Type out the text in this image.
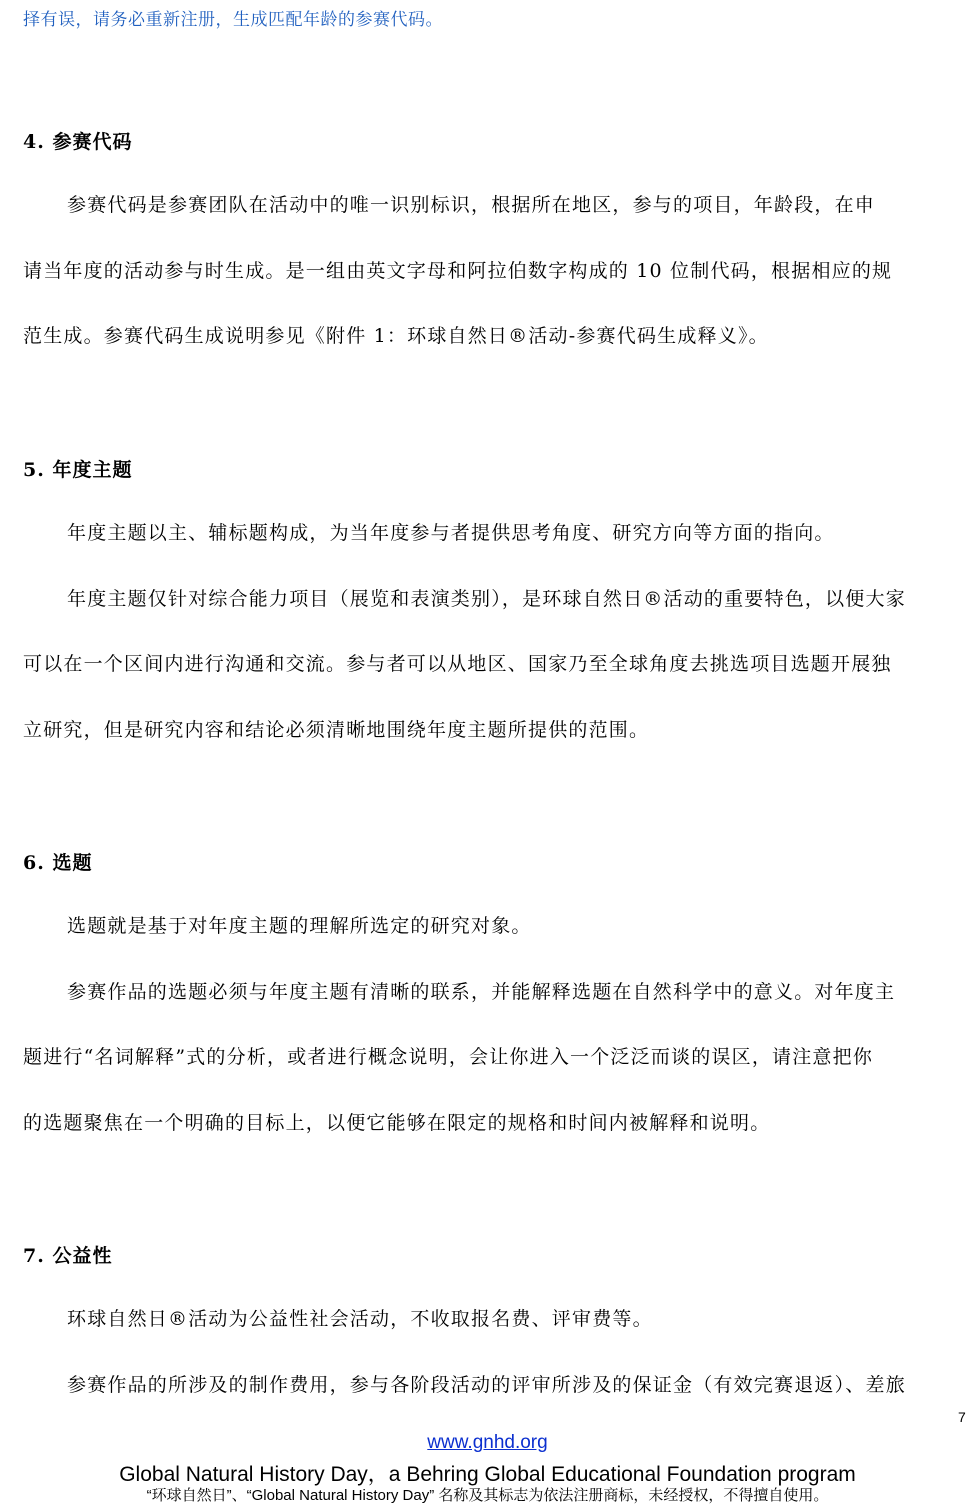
择有误，请务必重新注册，生成匹配年龄的参赛代码。
4. 参赛代码
参赛代码是参赛团队在活动中的唯一识别标识，根据所在地区，参与的项目，年龄段，在申
请当年度的活动参与时生成。是一组由英文字母和阿拉伯数字构成的 10 位制代码，根据相应的规
范生成。参赛代码生成说明参见《附件 1：环球自然日®活动-参赛代码生成释义》。
5. 年度主题
年度主题以主、辅标题构成，为当年度参与者提供思考角度、研究方向等方面的指向。
年度主题仅针对综合能力项目（展览和表演类别），是环球自然日®活动的重要特色，以便大家
可以在一个区间内进行沟通和交流。参与者可以从地区、国家乃至全球角度去挑选项目选题开展独
立研究，但是研究内容和结论必须清晰地围绕年度主题所提供的范围。
6. 选题
选题就是基于对年度主题的理解所选定的研究对象。
参赛作品的选题必须与年度主题有清晰的联系，并能解释选题在自然科学中的意义。对年度主
题进行“名词解释”式的分析，或者进行概念说明，会让你进入一个泛泛而谈的误区，请注意把你
的选题聚焦在一个明确的目标上，以便它能够在限定的规格和时间内被解释和说明。
7. 公益性
环球自然日®活动为公益性社会活动，不收取报名费、评审费等。
参赛作品的所涉及的制作费用，参与各阶段活动的评审所涉及的保证金（有效完赛退返）、差旅
7
www.gnhd.org
Global Natural History Day，a Behring Global Educational Foundation program
“环球自然日”、“Global Natural History Day” 名称及其标志为依法注册商标，未经授权，不得擅自使用。
